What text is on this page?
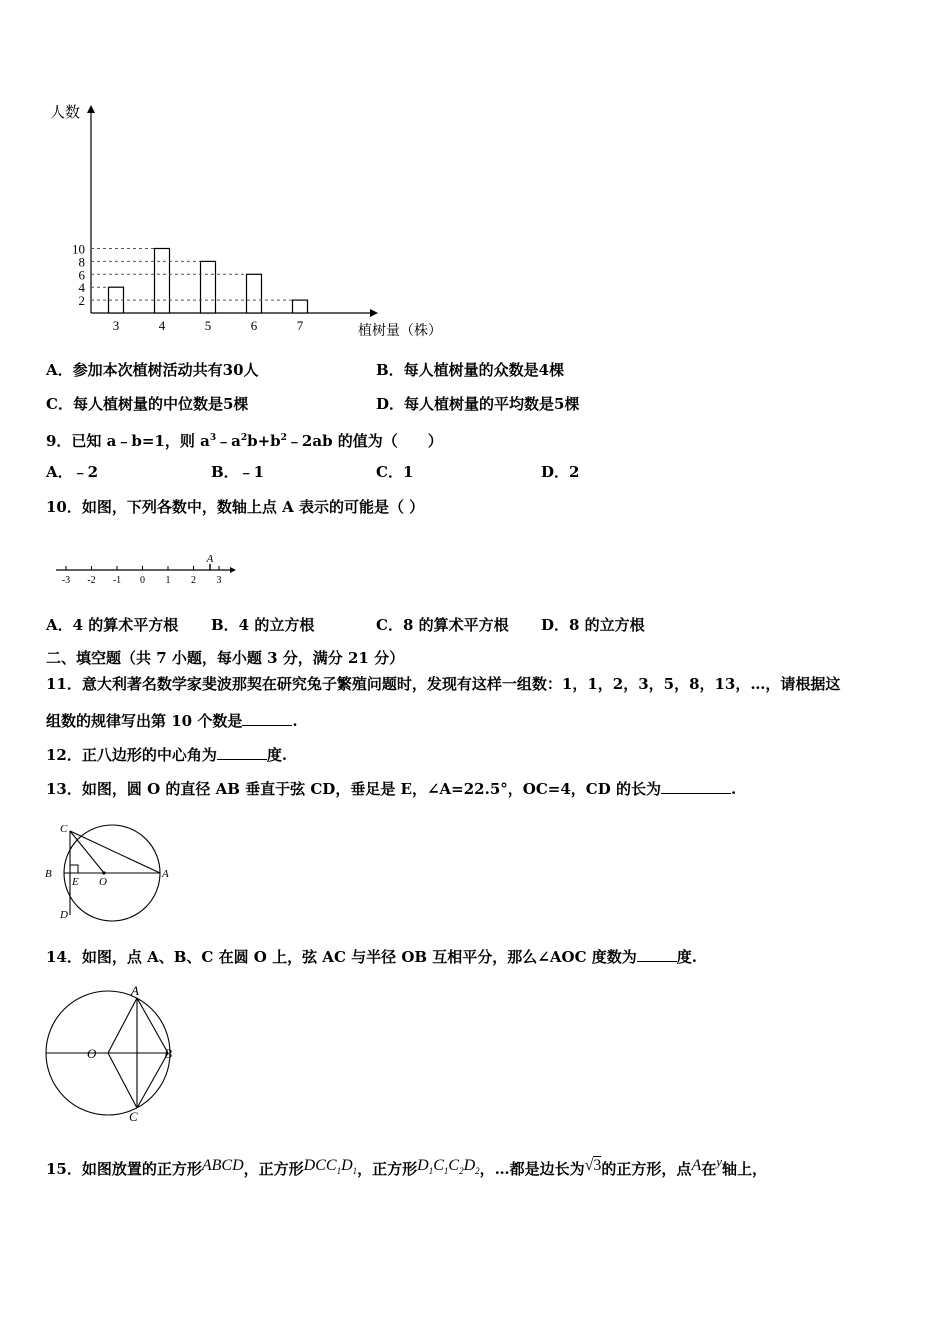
人数
植树量（株）
2
4
6
8
10
3	4	5	6	7
A．参加本次植树活动共有30人	B．每人植树量的众数是4棵
C．每人植树量的中位数是5棵	D．每人植树量的平均数是5棵
9．已知 a﹣b=1，则 $a^3﹣a^2b+b^2﹣2ab$ 的值为（　　）
A．﹣2	B．﹣1	C．1	D．2
10．如图，下列各数中，数轴上点 A 表示的可能是（ ）
-3 -2 -1 0 1 2 3
A
A．4 的算术平方根 B．4 的立方根	C．8 的算术平方根 D．8 的立方根
二、填空题（共 7 小题，每小题 3 分，满分 21 分）
11．意大利著名数学家斐波那契在研究兔子繁殖问题时，发现有这样一组数：1，1，2，3，5，8，13，…，请根据这
组数的规律写出第 10 个数是	.
12．正八边形的中心角为	度.
13．如图，圆 O 的直径 AB 垂直于弦 CD，垂足是 E，∠A=22.5°，OC=4，CD 的长为	.
C
B
E O
A
D
14．如图，点 A、B、C 在圆 O 上，弦 AC 与半径 OB 互相平分，那么∠AOC 度数为	度.
A
O	B
C
15．如图放置的正方形ABCD，正方形$DCC_1D_1$，正方形$D_1C_1C_2D_2$，…都是边长为√3的正方形，点A在y轴上，
